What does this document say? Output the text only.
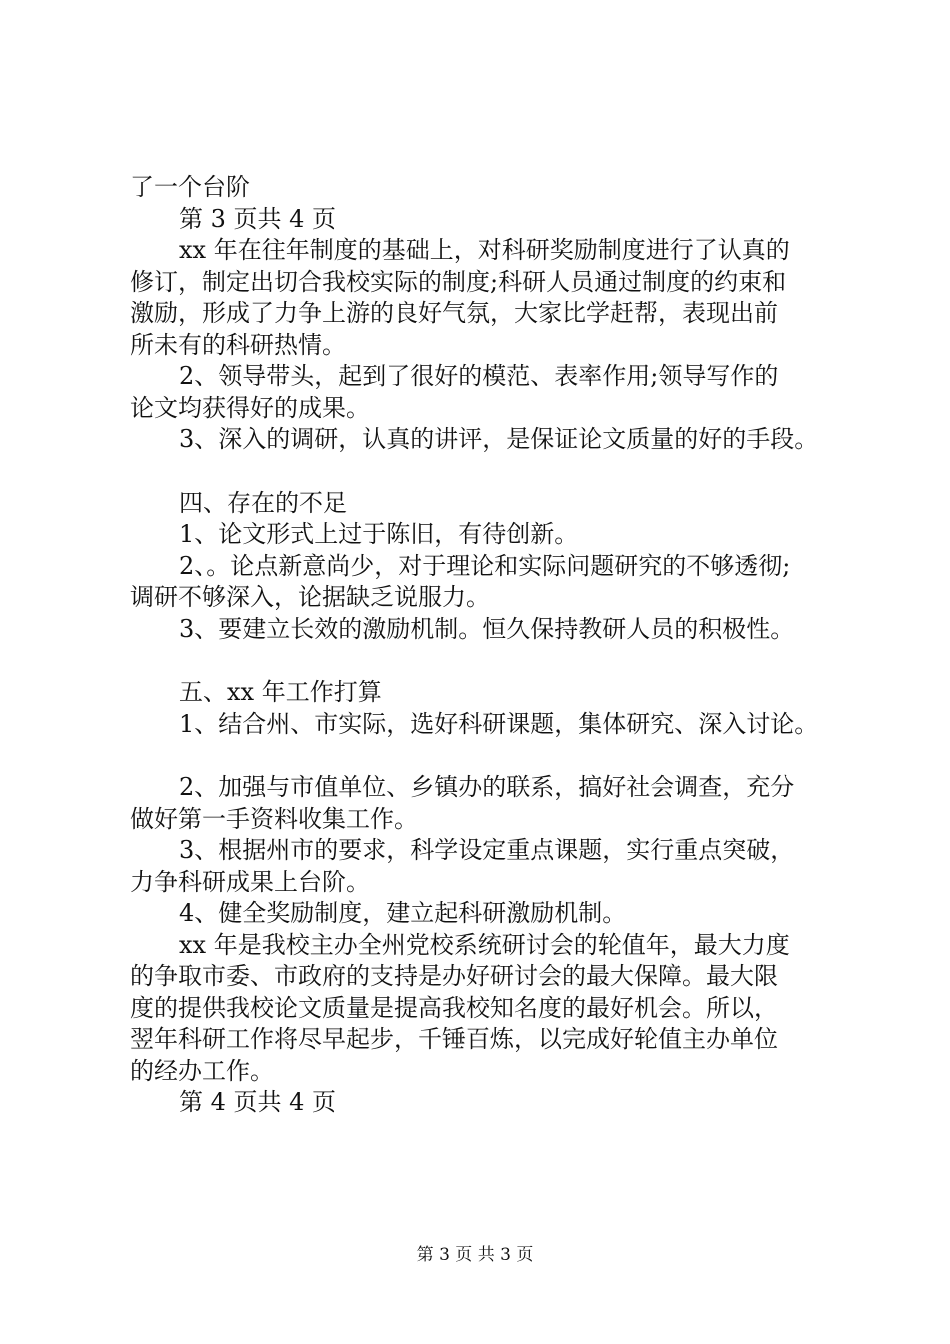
了一个台阶

第 3 页共 4 页

xx 年在往年制度的基础上，对科研奖励制度进行了认真的

修订，制定出切合我校实际的制度;科研人员通过制度的约束和

激励，形成了力争上游的良好气氛，大家比学赶帮，表现出前

所未有的科研热情。

2、领导带头，起到了很好的模范、表率作用;领导写作的

论文均获得好的成果。

3、深入的调研，认真的讲评，是保证论文质量的好的手段。

四、存在的不足

1、论文形式上过于陈旧，有待创新。

2、。论点新意尚少，对于理论和实际问题研究的不够透彻;

调研不够深入，论据缺乏说服力。

3、要建立长效的激励机制。恒久保持教研人员的积极性。

五、xx 年工作打算

1、结合州、市实际，选好科研课题，集体研究、深入讨论。

2、加强与市值单位、乡镇办的联系，搞好社会调查，充分

做好第一手资料收集工作。

3、根据州市的要求，科学设定重点课题，实行重点突破，

力争科研成果上台阶。

4、健全奖励制度，建立起科研激励机制。

xx 年是我校主办全州党校系统研讨会的轮值年，最大力度

的争取市委、市政府的支持是办好研讨会的最大保障。最大限

度的提供我校论文质量是提高我校知名度的最好机会。所以，

翌年科研工作将尽早起步，千锤百炼，以完成好轮值主办单位

的经办工作。

第 4 页共 4 页

第 3 页 共 3 页
